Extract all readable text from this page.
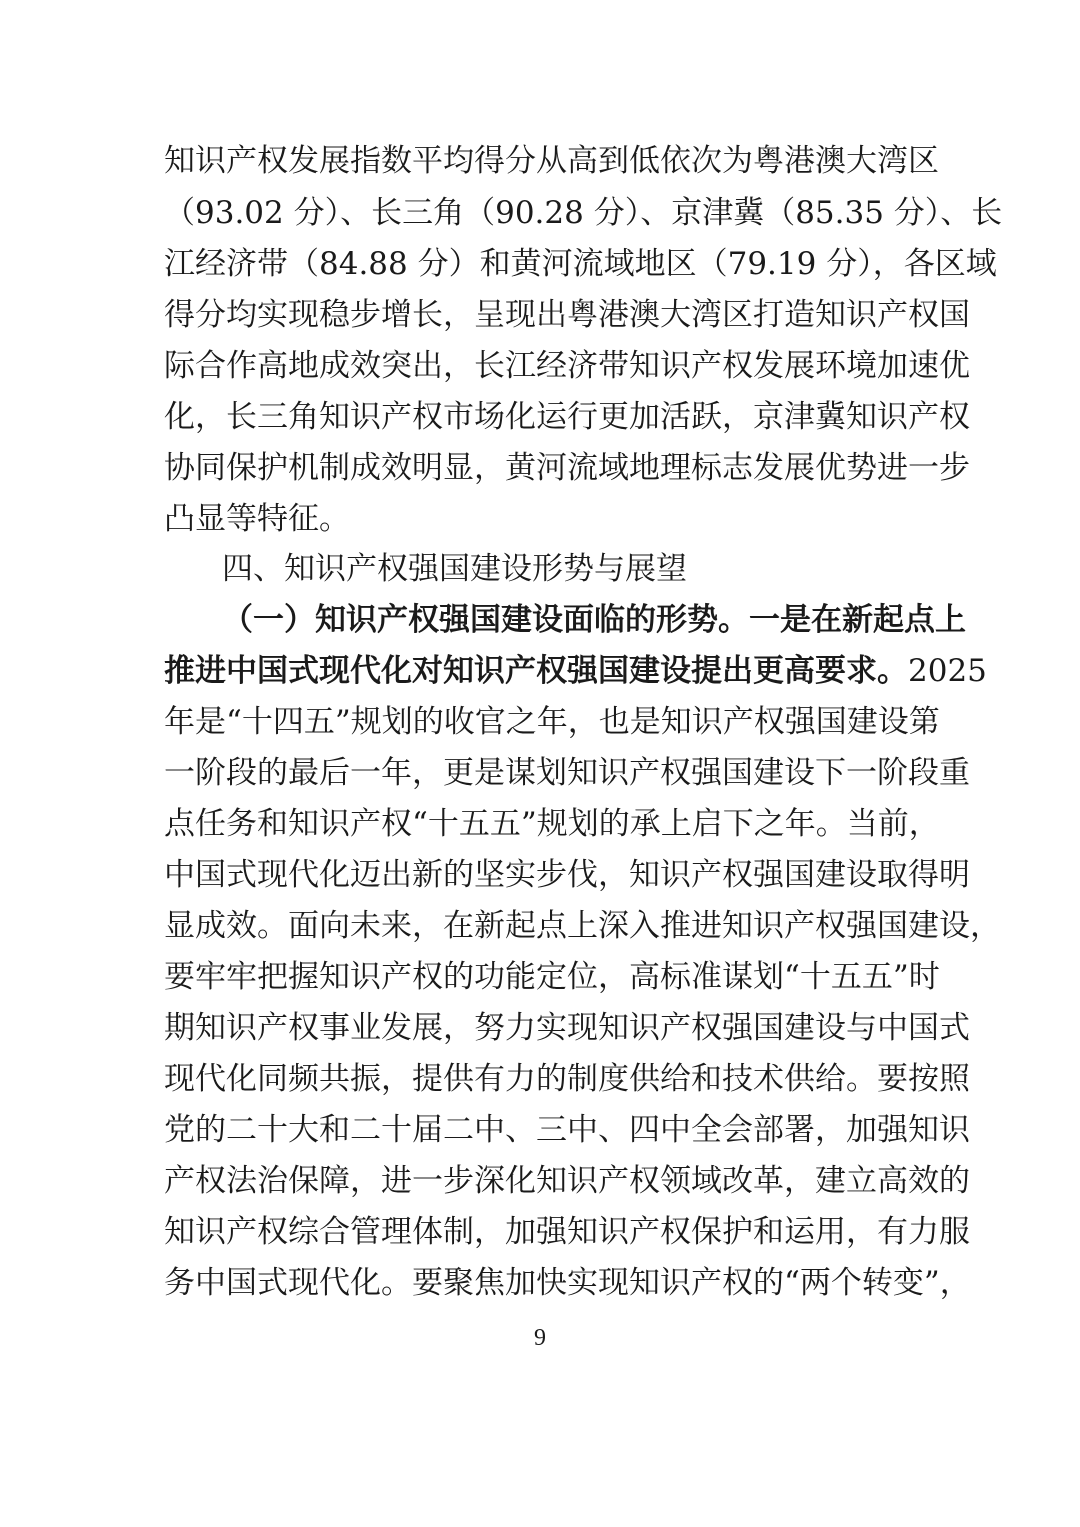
知识产权发展指数平均得分从高到低依次为粤港澳大湾区
（93.02 分）、长三角（90.28 分）、京津冀（85.35 分）、长
江经济带（84.88 分）和黄河流域地区（79.19 分），各区域
得分均实现稳步增长，呈现出粤港澳大湾区打造知识产权国
际合作高地成效突出，长江经济带知识产权发展环境加速优
化，长三角知识产权市场化运行更加活跃，京津冀知识产权
协同保护机制成效明显，黄河流域地理标志发展优势进一步
凸显等特征。
四、知识产权强国建设形势与展望
（一）知识产权强国建设面临的形势。一是在新起点上
推进中国式现代化对知识产权强国建设提出更高要求。2025
年是“十四五”规划的收官之年，也是知识产权强国建设第
一阶段的最后一年，更是谋划知识产权强国建设下一阶段重
点任务和知识产权“十五五”规划的承上启下之年。当前，
中国式现代化迈出新的坚实步伐，知识产权强国建设取得明
显成效。面向未来，在新起点上深入推进知识产权强国建设，
要牢牢把握知识产权的功能定位，高标准谋划“十五五”时
期知识产权事业发展，努力实现知识产权强国建设与中国式
现代化同频共振，提供有力的制度供给和技术供给。要按照
党的二十大和二十届二中、三中、四中全会部署，加强知识
产权法治保障，进一步深化知识产权领域改革，建立高效的
知识产权综合管理体制，加强知识产权保护和运用，有力服
务中国式现代化。要聚焦加快实现知识产权的“两个转变”，
9
